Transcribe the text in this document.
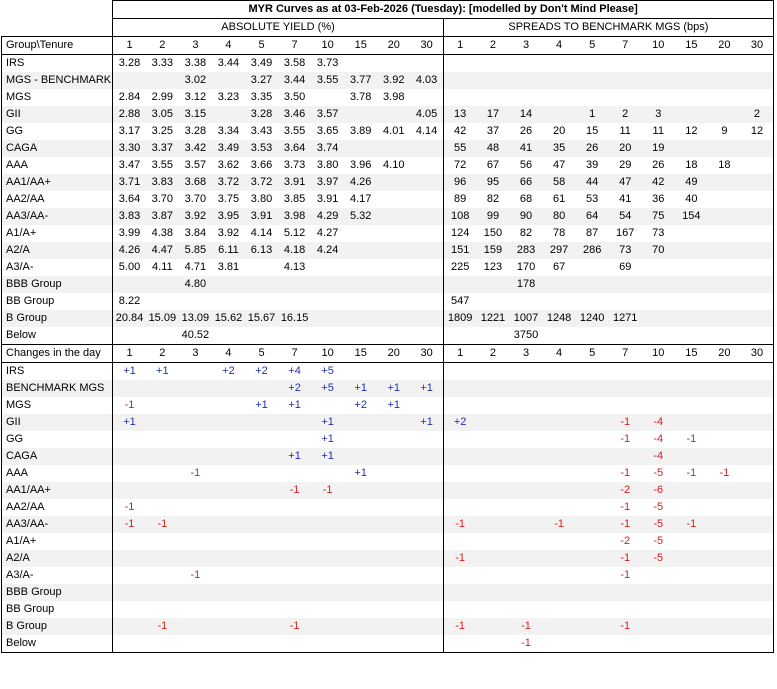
	MYR Curves as at 03-Feb-2026 (Tuesday): [modelled by Don't Mind Please]																			
	ABSOLUTE YIELD (%)										SPREADS TO BENCHMARK MGS (bps)									
Group\Tenure	1	2	3	4	5	7	10	15	20	30	1	2	3	4	5	7	10	15	20	30
IRS	3.28	3.33	3.38	3.44	3.49	3.58	3.73													
MGS - BENCHMARK			3.02		3.27	3.44	3.55	3.77	3.92	4.03										
MGS	2.84	2.99	3.12	3.23	3.35	3.50		3.78	3.98											
GII	2.88	3.05	3.15		3.28	3.46	3.57			4.05	13	17	14		1	2	3			2
GG	3.17	3.25	3.28	3.34	3.43	3.55	3.65	3.89	4.01	4.14	42	37	26	20	15	11	11	12	9	12
CAGA	3.30	3.37	3.42	3.49	3.53	3.64	3.74				55	48	41	35	26	20	19			
AAA	3.47	3.55	3.57	3.62	3.66	3.73	3.80	3.96	4.10		72	67	56	47	39	29	26	18	18	
AA1/AA+	3.71	3.83	3.68	3.72	3.72	3.91	3.97	4.26			96	95	66	58	44	47	42	49		
AA2/AA	3.64	3.70	3.70	3.75	3.80	3.85	3.91	4.17			89	82	68	61	53	41	36	40		
AA3/AA-	3.83	3.87	3.92	3.95	3.91	3.98	4.29	5.32			108	99	90	80	64	54	75	154		
A1/A+	3.99	4.38	3.84	3.92	4.14	5.12	4.27				124	150	82	78	87	167	73			
A2/A	4.26	4.47	5.85	6.11	6.13	4.18	4.24				151	159	283	297	286	73	70			
A3/A-	5.00	4.11	4.71	3.81		4.13					225	123	170	67		69				
BBB Group			4.80										178							
BB Group	8.22										547									
B Group	20.84	15.09	13.09	15.62	15.67	16.15					1809	1221	1007	1248	1240	1271				
Below			40.52										3750							
Changes in the day	1	2	3	4	5	7	10	15	20	30	1	2	3	4	5	7	10	15	20	30
IRS	+1	+1		+2	+2	+4	+5													
BENCHMARK MGS						+2	+5	+1	+1	+1										
MGS	-1				+1	+1		+2	+1											
GII	+1						+1			+1	+2					-1	-4			
GG							+1									-1	-4	-1		
CAGA						+1	+1										-4			
AAA			-1					+1								-1	-5	-1	-1	
AA1/AA+						-1	-1									-2	-6			
AA2/AA	-1															-1	-5			
AA3/AA-	-1	-1									-1			-1		-1	-5	-1		
A1/A+																-2	-5			
A2/A											-1					-1	-5			
A3/A-			-1													-1				
BBB Group																				
BB Group																				
B Group		-1				-1					-1		-1			-1				
Below													-1							
